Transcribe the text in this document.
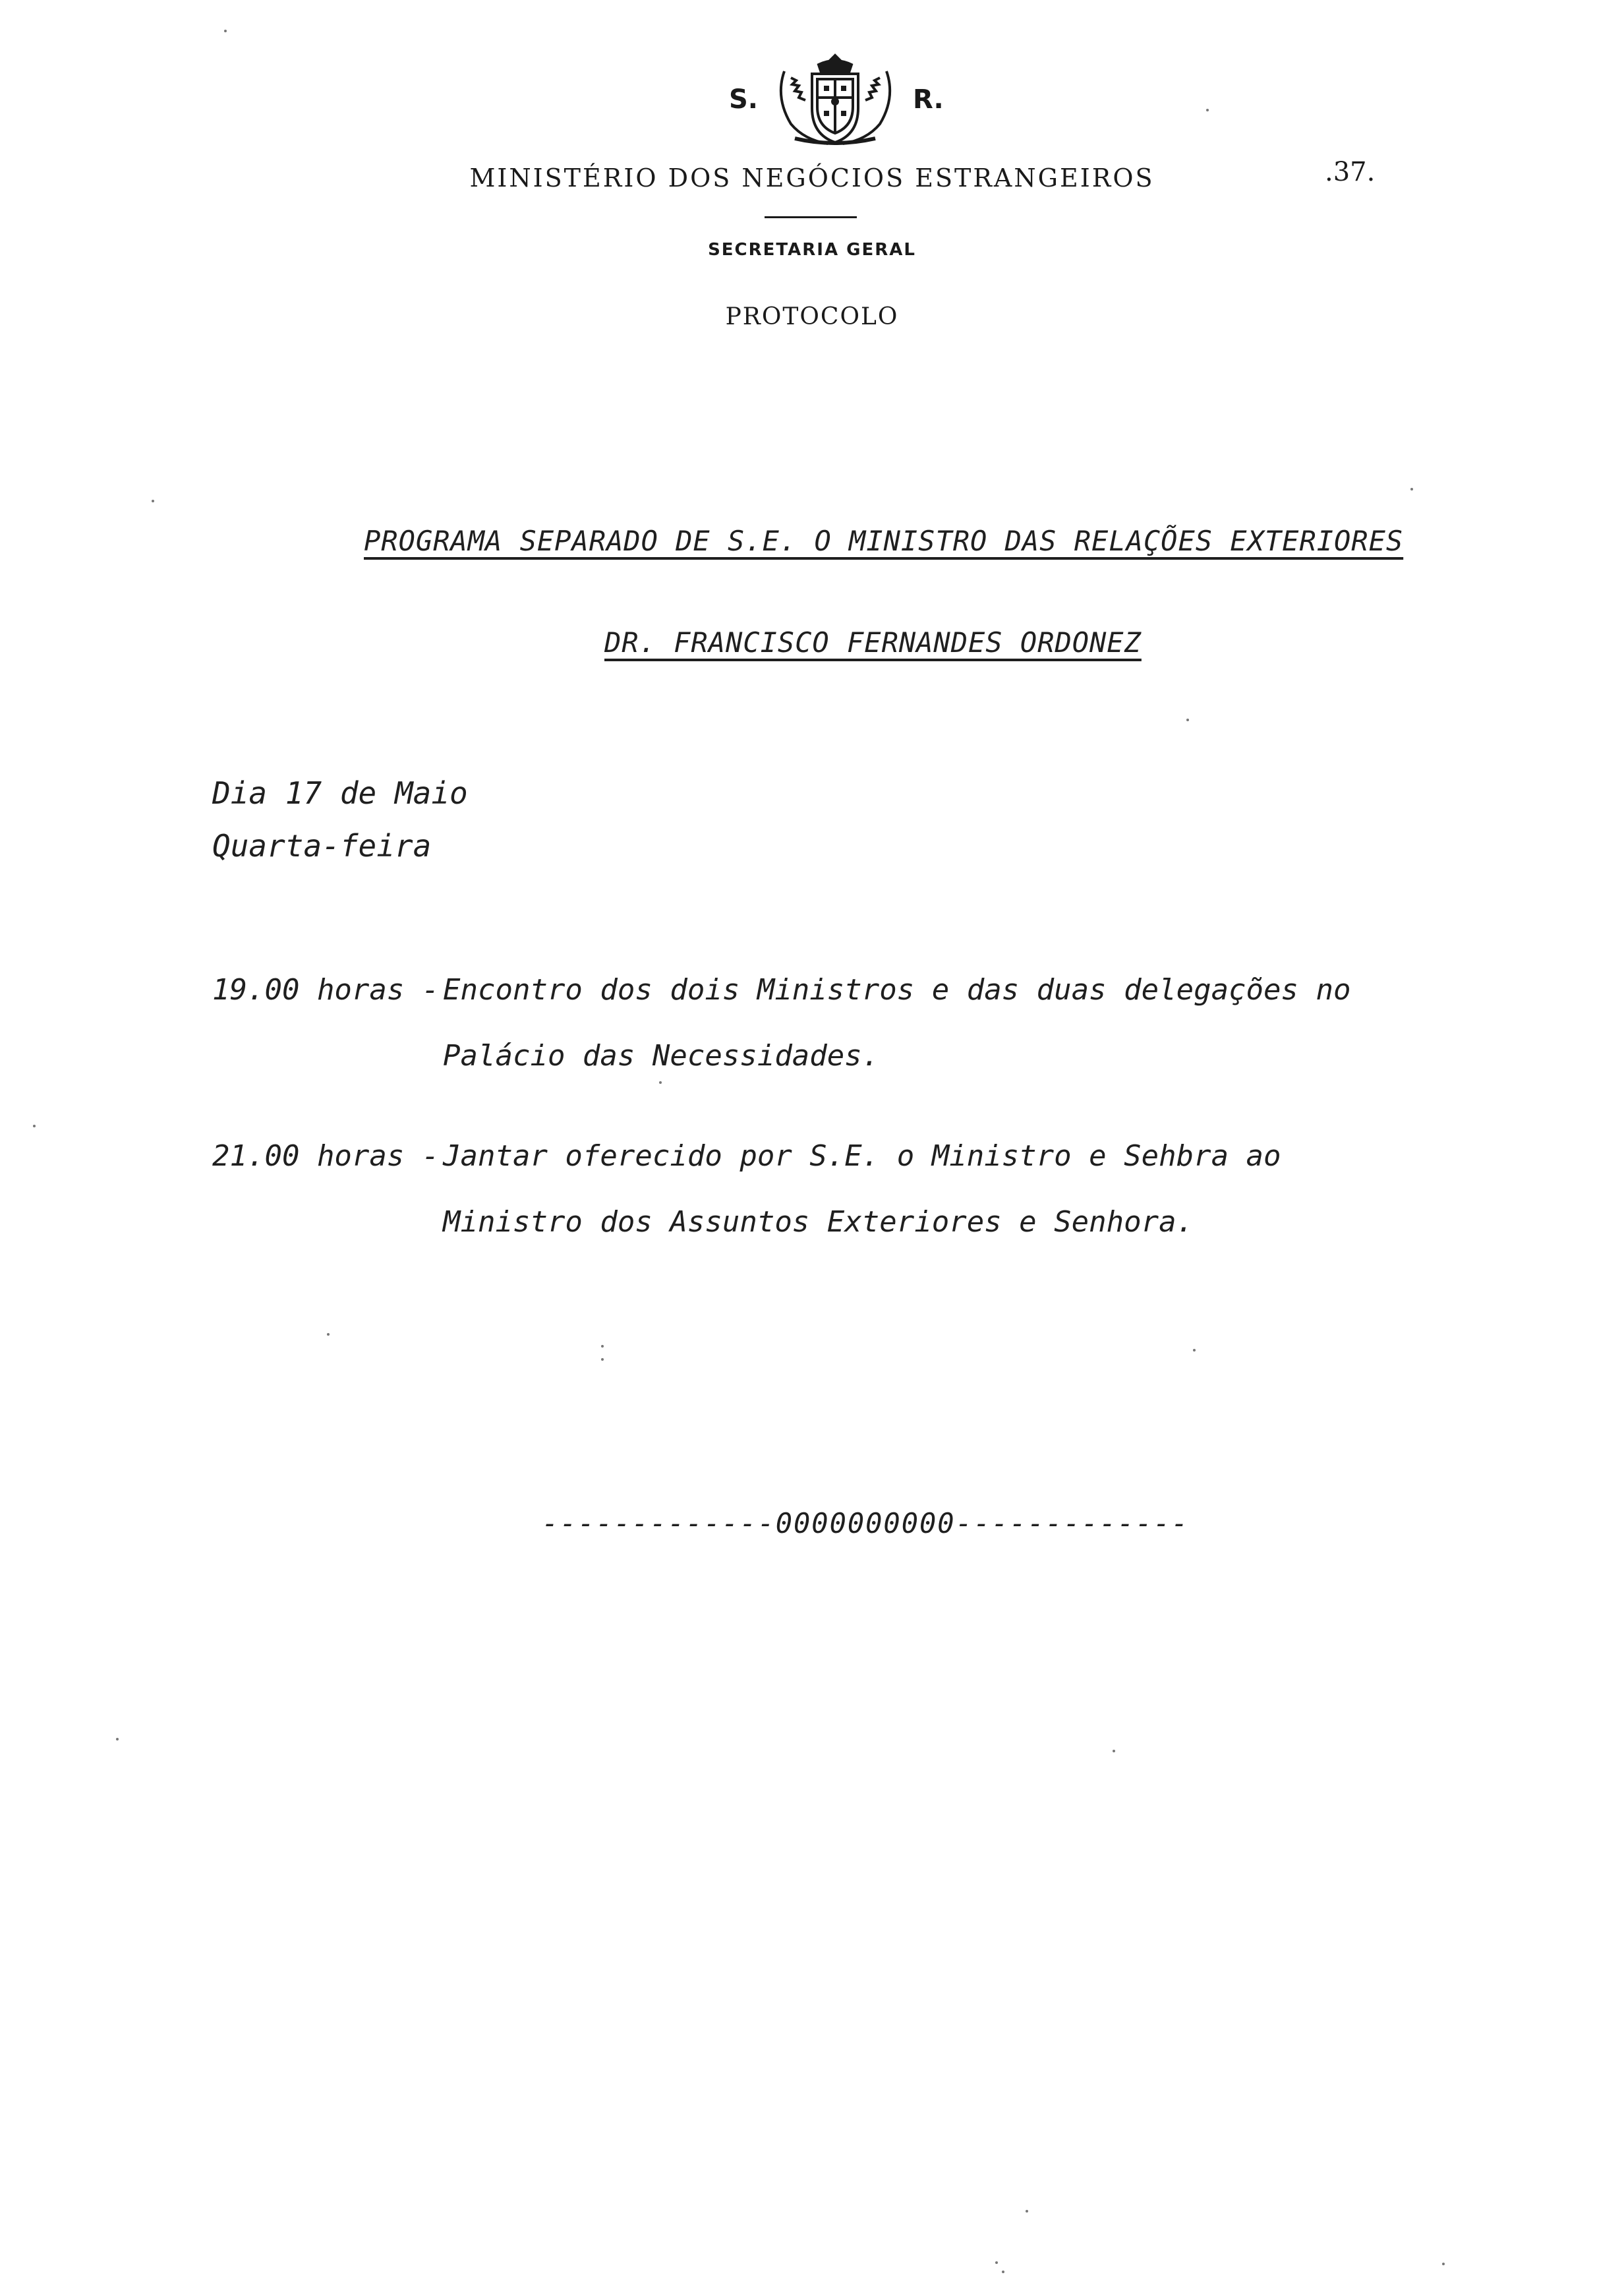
S.	R.
MINISTÉRIO DOS NEGÓCIOS ESTRANGEIROS	.37.
SECRETARIA GERAL
PROTOCOLO
PROGRAMA SEPARADO DE S.E. O MINISTRO DAS RELAÇÕES EXTERIORES
DR. FRANCISCO FERNANDES ORDONEZ
Dia 17 de Maio
Quarta-feira
19.00 horas - Encontro dos dois Ministros e das duas delegações no
Palácio das Necessidades.
21.00 horas - Jantar oferecido por S.E. o Ministro e Sehbra ao
Ministro dos Assuntos Exteriores e Senhora.
-------------0000000000-------------
